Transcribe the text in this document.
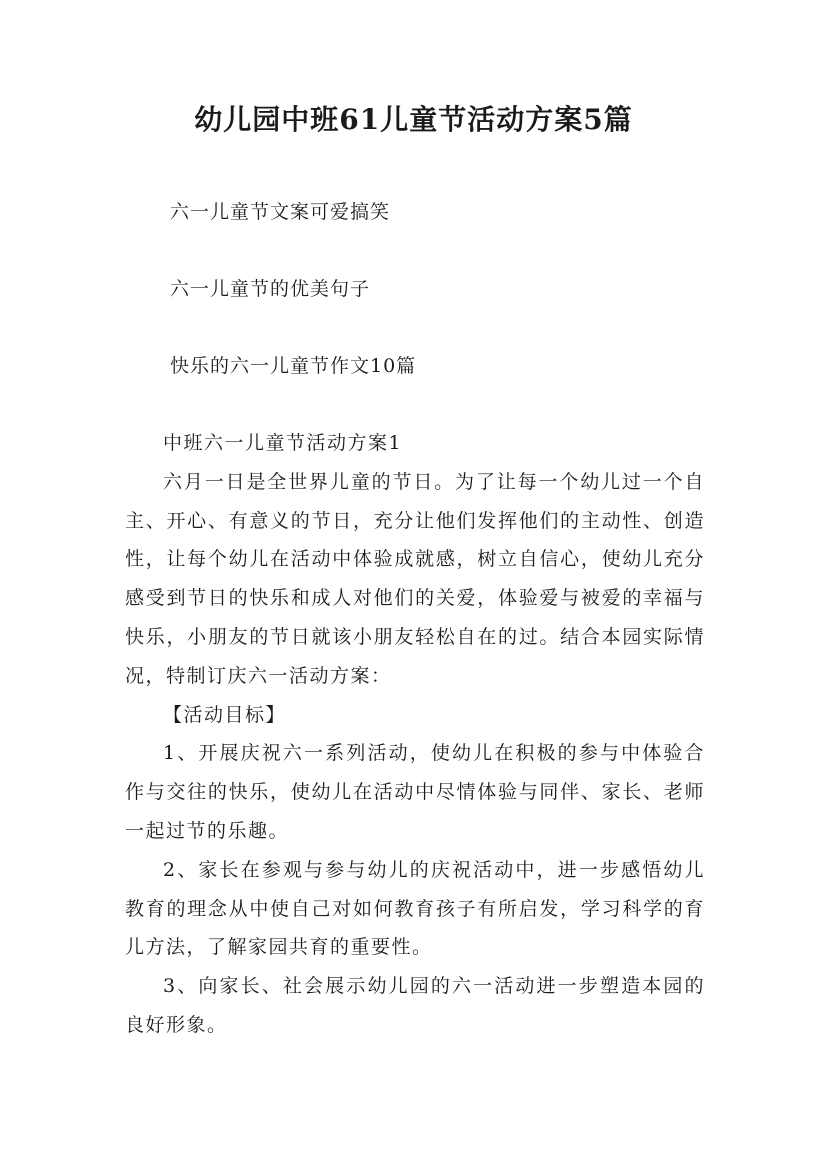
幼儿园中班61儿童节活动方案5篇
六一儿童节文案可爱搞笑
六一儿童节的优美句子
快乐的六一儿童节作文10篇

中班六一儿童节活动方案1

六月一日是全世界儿童的节日。为了让每一个幼儿过一个自主、开心、有意义的节日，充分让他们发挥他们的主动性、创造性，让每个幼儿在活动中体验成就感，树立自信心，使幼儿充分感受到节日的快乐和成人对他们的关爱，体验爱与被爱的幸福与快乐，小朋友的节日就该小朋友轻松自在的过。结合本园实际情况，特制订庆六一活动方案：

【活动目标】

1、开展庆祝六一系列活动，使幼儿在积极的参与中体验合作与交往的快乐，使幼儿在活动中尽情体验与同伴、家长、老师一起过节的乐趣。

2、家长在参观与参与幼儿的庆祝活动中，进一步感悟幼儿教育的理念从中使自己对如何教育孩子有所启发，学习科学的育儿方法，了解家园共育的重要性。

3、向家长、社会展示幼儿园的六一活动进一步塑造本园的良好形象。
